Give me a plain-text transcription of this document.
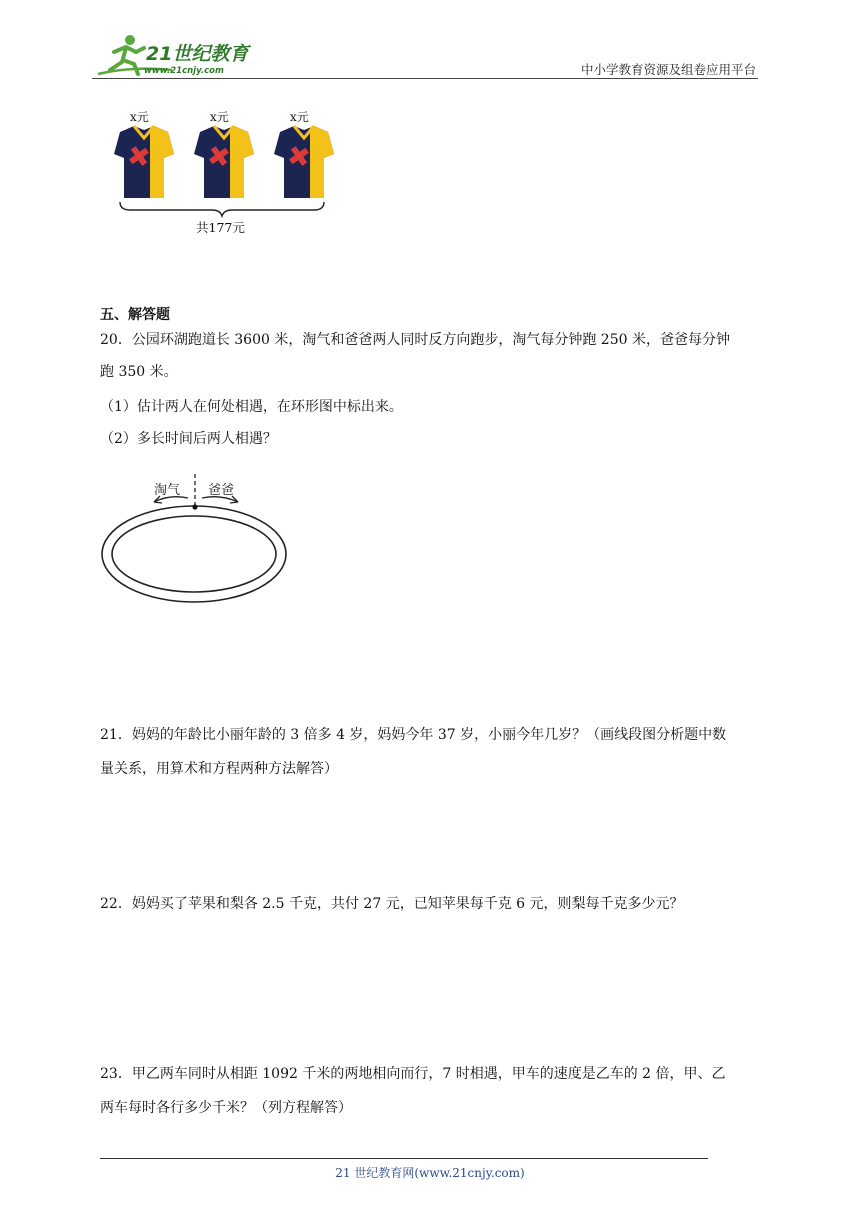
21世纪教育
www.21cnjy.com	中小学教育资源及组卷应用平台
x元	x元	x元
共177元
五、解答题
20．公园环湖跑道长 3600 米，淘气和爸爸两人同时反方向跑步，淘气每分钟跑 250 米，爸爸每分钟
跑 350 米。
（1）估计两人在何处相遇，在环形图中标出来。
（2）多长时间后两人相遇？
淘气 爸爸
21．妈妈的年龄比小丽年龄的 3 倍多 4 岁，妈妈今年 37 岁，小丽今年几岁？（画线段图分析题中数
量关系，用算术和方程两种方法解答）
22．妈妈买了苹果和梨各 2.5 千克，共付 27 元，已知苹果每千克 6 元，则梨每千克多少元？
23．甲乙两车同时从相距 1092 千米的两地相向而行，7 时相遇，甲车的速度是乙车的 2 倍，甲、乙
两车每时各行多少千米？（列方程解答）
21 世纪教育网(www.21cnjy.com)
